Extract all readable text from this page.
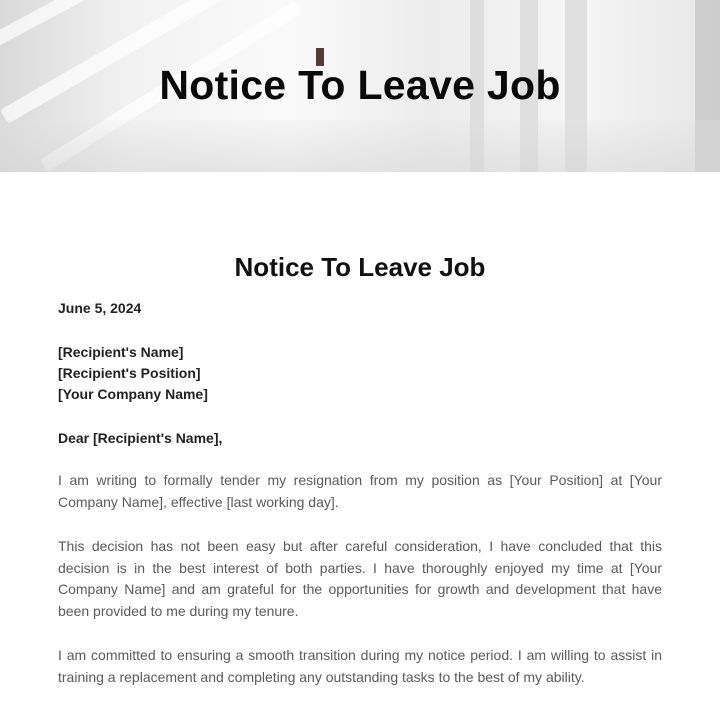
Notice To Leave Job
Notice To Leave Job
June 5, 2024
[Recipient's Name]
[Recipient's Position]
[Your Company Name]
Dear [Recipient's Name],
I am writing to formally tender my resignation from my position as [Your Position] at [Your Company Name], effective [last working day].
This decision has not been easy but after careful consideration, I have concluded that this decision is in the best interest of both parties. I have thoroughly enjoyed my time at [Your Company Name] and am grateful for the opportunities for growth and development that have been provided to me during my tenure.
I am committed to ensuring a smooth transition during my notice period. I am willing to assist in training a replacement and completing any outstanding tasks to the best of my ability.
